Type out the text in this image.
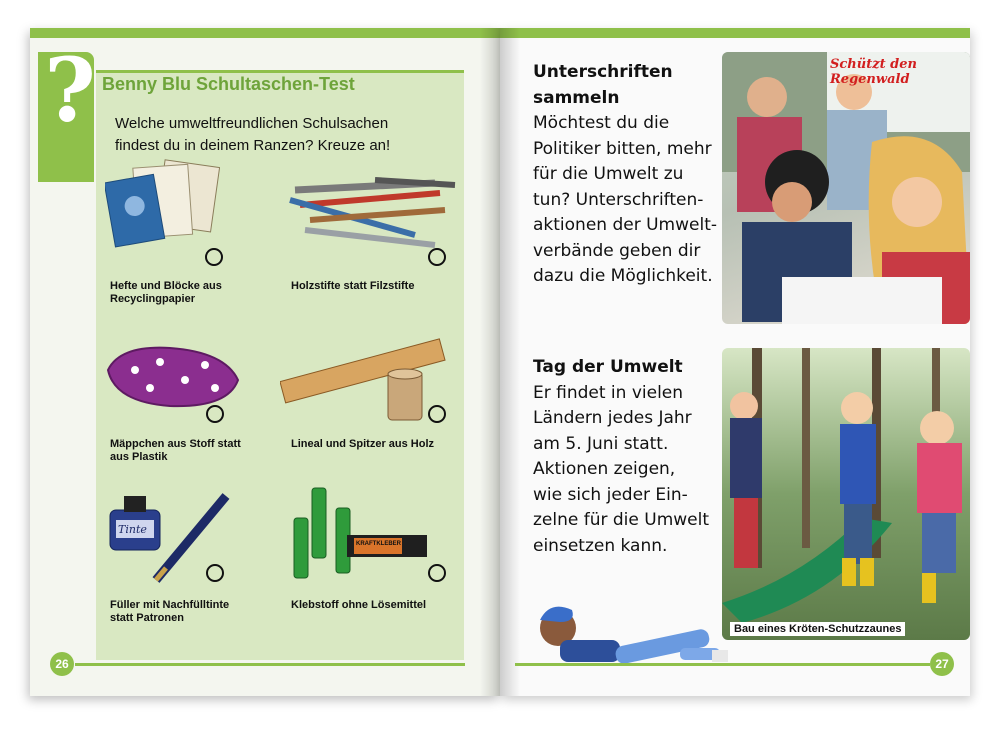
? Benny Blu Schultaschen-Test
Welche umweltfreundlichen Schulsachen findest du in deinem Ranzen? Kreuze an!
Hefte und Blöcke aus
Recyclingpapier
Holzstifte statt Filzstifte
Mäppchen aus Stoff statt
aus Plastik
Lineal und Spitzer aus Holz
Tinte
Füller mit Nachfülltinte
statt Patronen
KRAFTKLEBER
Klebstoff ohne Lösemittel
26
Unterschriften
sammeln
Möchtest du die
Politiker bitten, mehr
für die Umwelt zu
tun? Unterschriften-
aktionen der Umwelt-
verbände geben dir
dazu die Möglichkeit.
Tag der Umwelt
Er findet in vielen
Ländern jedes Jahr
am 5. Juni statt.
Aktionen zeigen,
wie sich jeder Ein-
zelne für die Umwelt
einsetzen kann.
Schützt den Regenwald
Bau eines Kröten-Schutzzaunes
27
